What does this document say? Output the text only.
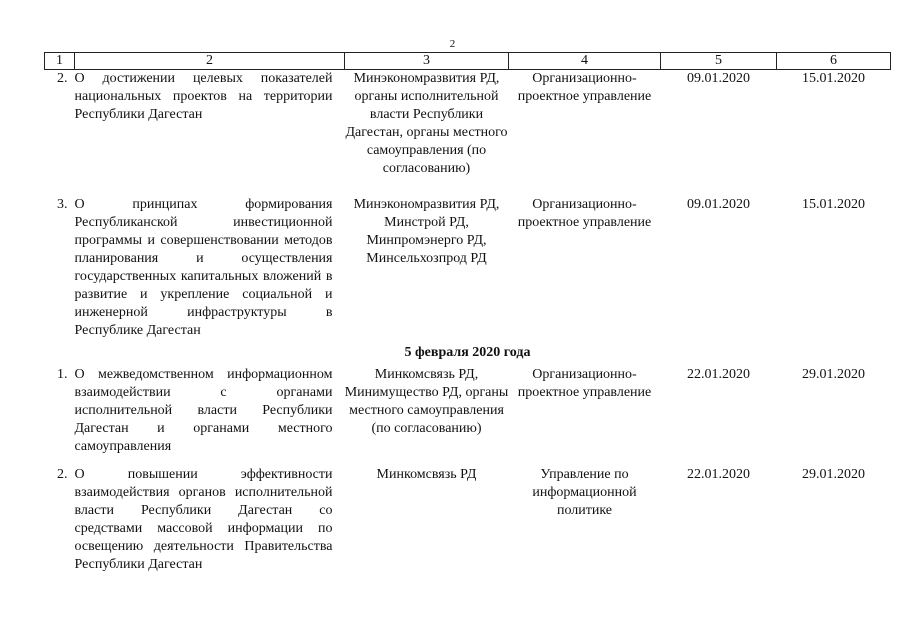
2
1	2	3	4	5	6
2.	О достижении целевых показателей национальных проектов на территории Республики Дагестан	Минэкономразвития РД, органы исполнительной власти Республики Дагестан, органы местного самоуправления (по согласованию)	Организационно-проектное управление	09.01.2020	15.01.2020

3.	О принципах формирования Республиканской инвестиционной программы и совершенствовании методов планирования и осуществления государственных капитальных вложений в развитие и укрепление социальной и инженерной инфраструктуры в Республике Дагестан	Минэкономразвития РД, Минстрой РД, Минпромэнерго РД, Минсельхозпрод РД	Организационно-проектное управление	09.01.2020	15.01.2020
5 февраля 2020 года					
1.	О межведомственном информационном взаимодействии с органами исполнительной власти Республики Дагестан и органами местного самоуправления	Минкомсвязь РД, Минимущество РД, органы местного самоуправления (по согласованию)	Организационно-проектное управление	22.01.2020	29.01.2020

2.	О повышении эффективности взаимодействия органов исполнительной власти Республики Дагестан со средствами массовой информации по освещению деятельности Правительства Республики Дагестан	Минкомсвязь РД	Управление по информационной политике	22.01.2020	29.01.2020
